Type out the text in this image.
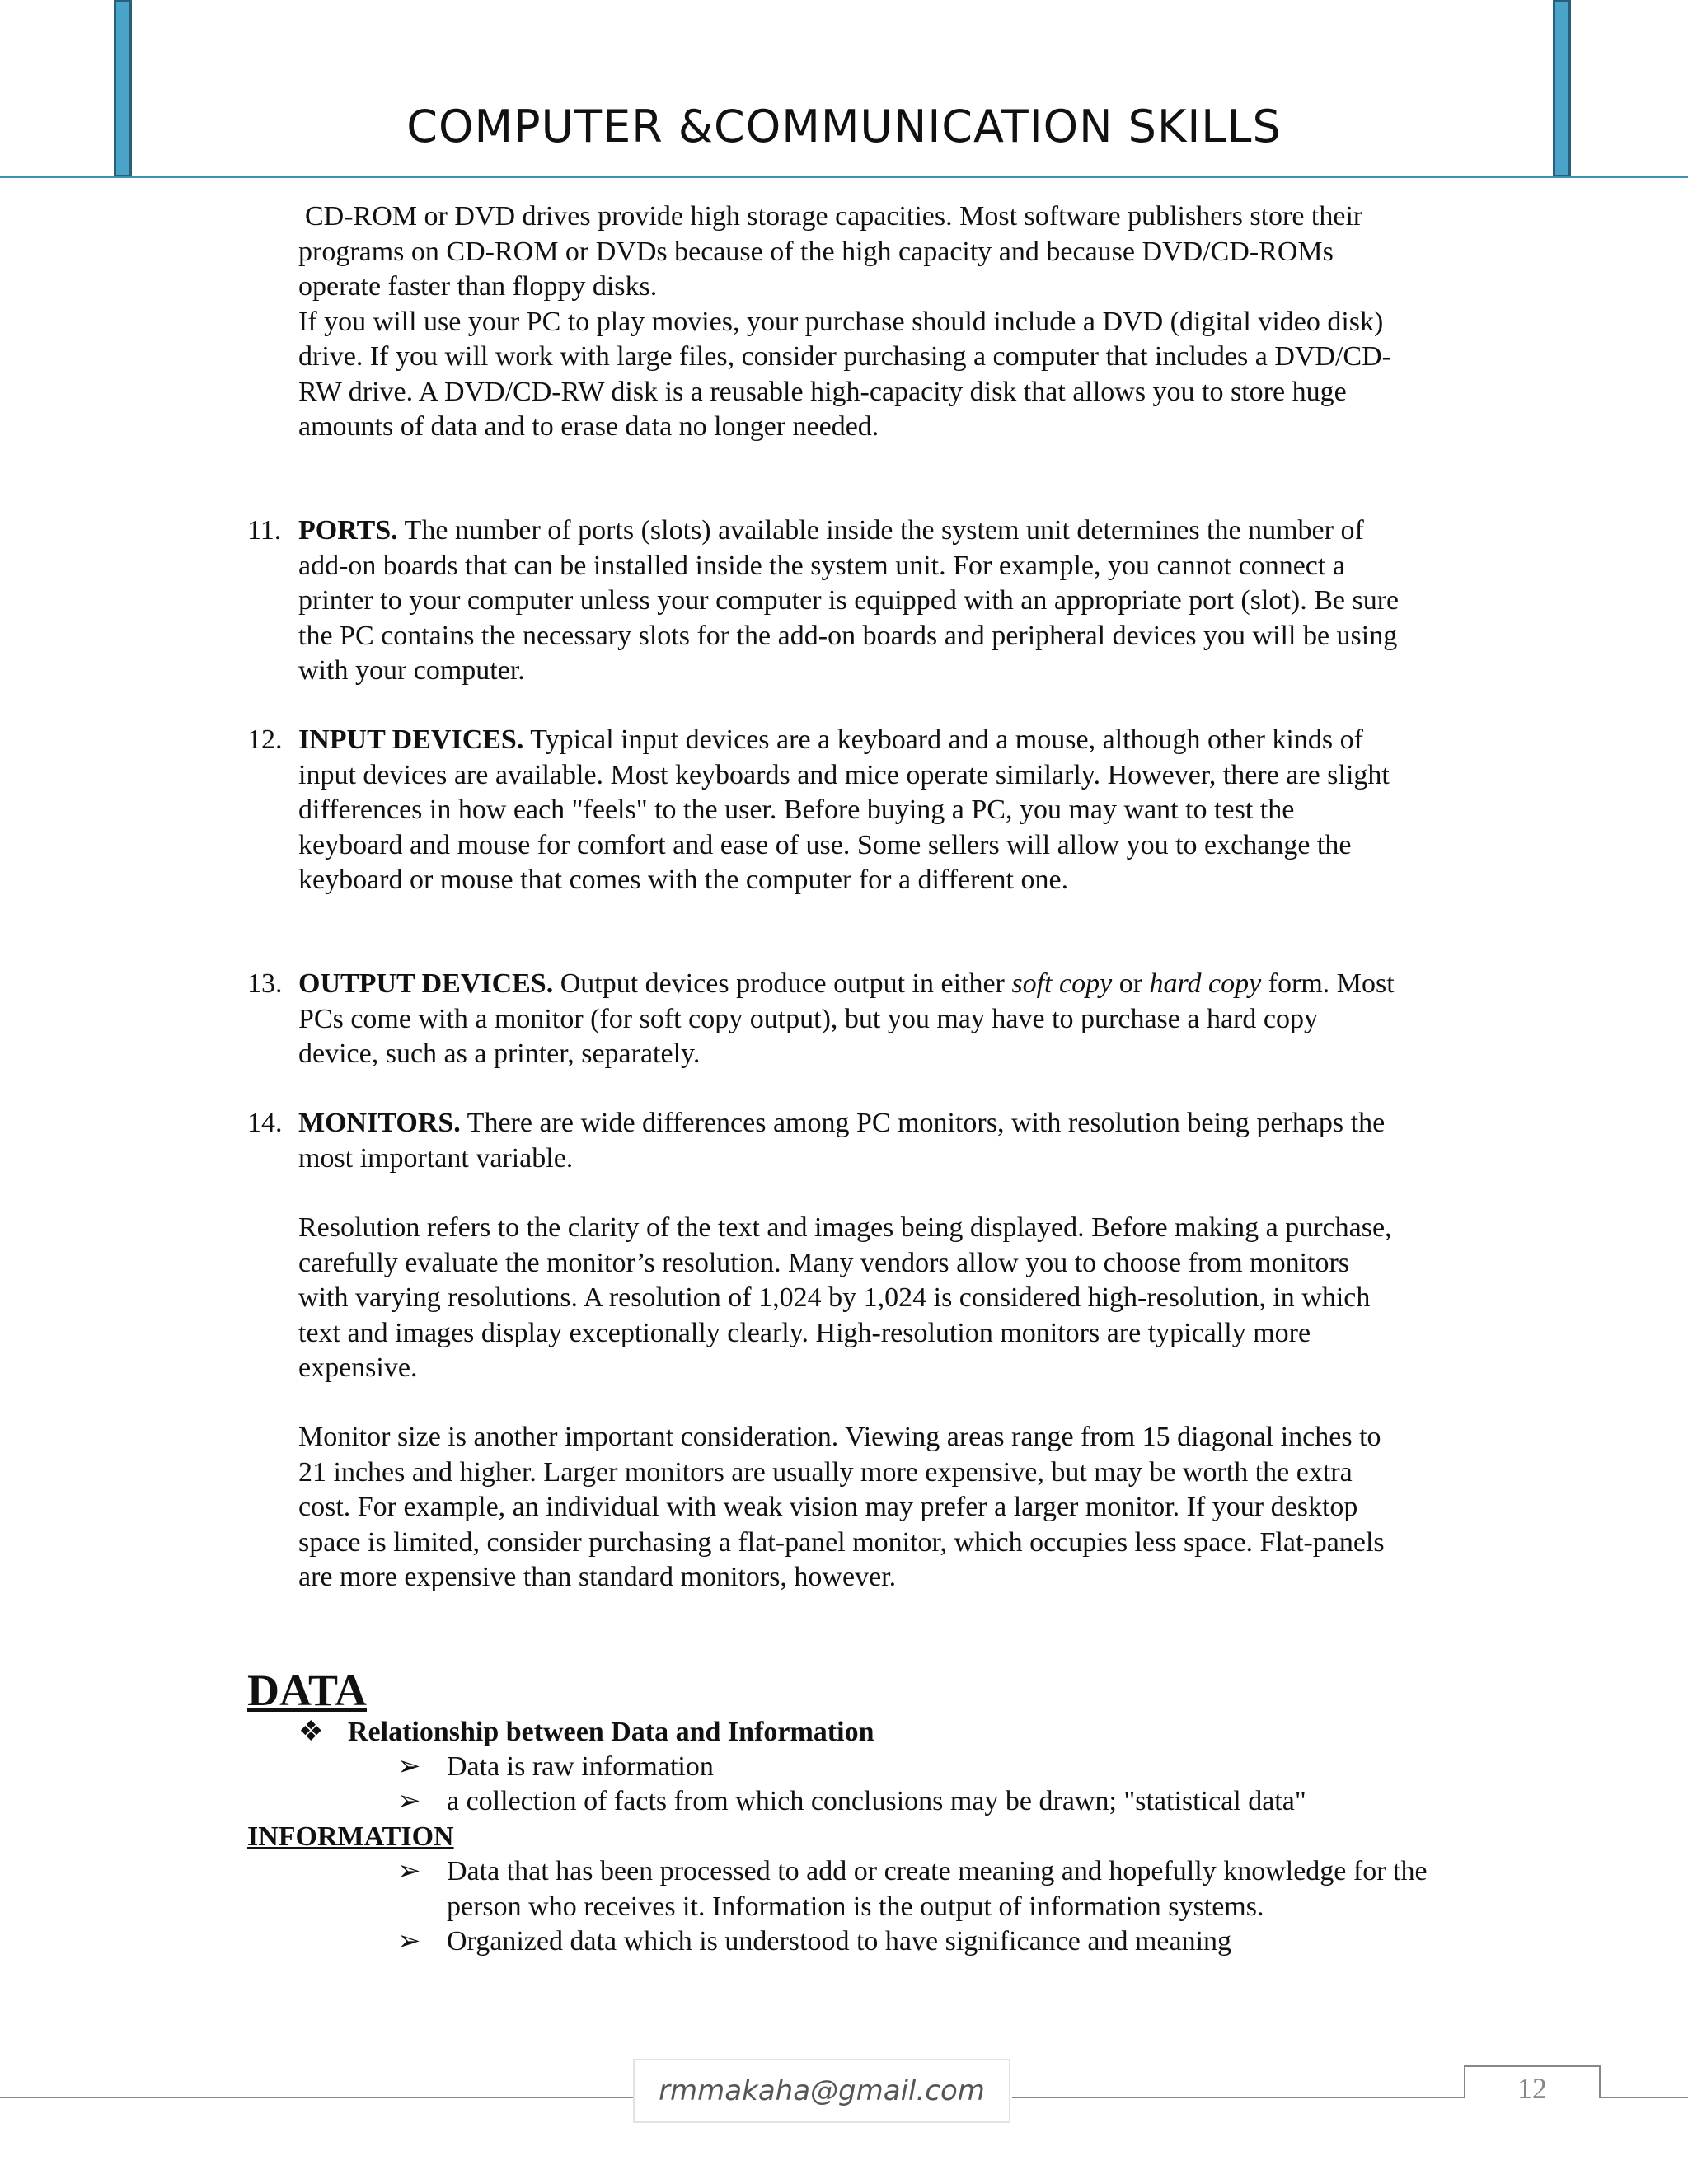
COMPUTER &COMMUNICATION SKILLS

CD-ROM or DVD drives provide high storage capacities. Most software publishers store their programs on CD-ROM or DVDs because of the high capacity and because DVD/CD-ROMs operate faster than floppy disks.

If you will use your PC to play movies, your purchase should include a DVD (digital video disk) drive. If you will work with large files, consider purchasing a computer that includes a DVD/CD-RW drive. A DVD/CD-RW disk is a reusable high-capacity disk that allows you to store huge amounts of data and to erase data no longer needed.

11. PORTS. The number of ports (slots) available inside the system unit determines the number of add-on boards that can be installed inside the system unit. For example, you cannot connect a printer to your computer unless your computer is equipped with an appropriate port (slot). Be sure the PC contains the necessary slots for the add-on boards and peripheral devices you will be using with your computer.
12. INPUT DEVICES. Typical input devices are a keyboard and a mouse, although other kinds of input devices are available. Most keyboards and mice operate similarly. However, there are slight differences in how each "feels" to the user. Before buying a PC, you may want to test the keyboard and mouse for comfort and ease of use. Some sellers will allow you to exchange the keyboard or mouse that comes with the computer for a different one.
13. OUTPUT DEVICES. Output devices produce output in either soft copy or hard copy form. Most PCs come with a monitor (for soft copy output), but you may have to purchase a hard copy device, such as a printer, separately.
14. MONITORS. There are wide differences among PC monitors, with resolution being perhaps the most important variable.

Resolution refers to the clarity of the text and images being displayed. Before making a purchase, carefully evaluate the monitor’s resolution. Many vendors allow you to choose from monitors with varying resolutions. A resolution of 1,024 by 1,024 is considered high-resolution, in which text and images display exceptionally clearly. High-resolution monitors are typically more expensive.

Monitor size is another important consideration. Viewing areas range from 15 diagonal inches to 21 inches and higher. Larger monitors are usually more expensive, but may be worth the extra cost. For example, an individual with weak vision may prefer a larger monitor. If your desktop space is limited, consider purchasing a flat-panel monitor, which occupies less space. Flat-panels are more expensive than standard monitors, however.

DATA
❖ Relationship between Data and Information
➢ Data is raw information
➢ a collection of facts from which conclusions may be drawn; "statistical data"
INFORMATION
➢ Data that has been processed to add or create meaning and hopefully knowledge for the person who receives it. Information is the output of information systems.
➢ Organized data which is understood to have significance and meaning
rmmakaha@gmail.com	12
